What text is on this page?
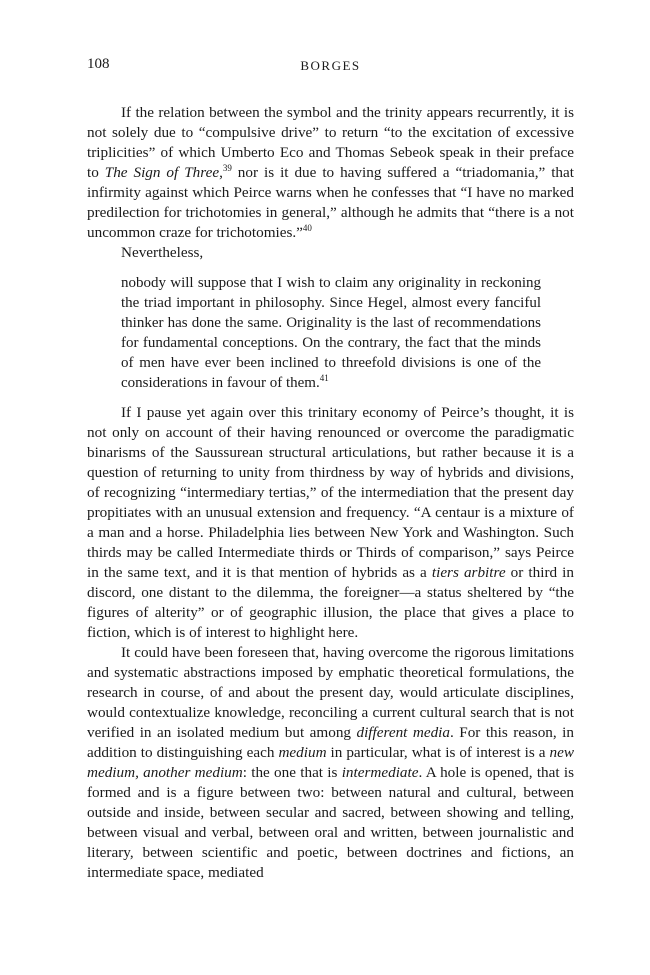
108	BORGES

If the relation between the symbol and the trinity appears recurrently, it is not solely due to “compulsive drive” to return “to the excitation of excessive triplicities” of which Umberto Eco and Thomas Sebeok speak in their preface to The Sign of Three,$^{39}$ nor is it due to having suffered a “triadomania,” that infirmity against which Peirce warns when he confesses that “I have no marked predilection for trichotomies in general,” although he admits that “there is a not uncommon craze for trichotomies.”$^{40}$

Nevertheless,

nobody will suppose that I wish to claim any originality in reckoning the triad important in philosophy. Since Hegel, almost every fanciful thinker has done the same. Originality is the last of recommendations for fundamental conceptions. On the contrary, the fact that the minds of men have ever been inclined to threefold divisions is one of the considerations in favour of them.$^{41}$

If I pause yet again over this trinitary economy of Peirce’s thought, it is not only on account of their having renounced or overcome the paradigmatic binarisms of the Saussurean structural articulations, but rather because it is a question of returning to unity from thirdness by way of hybrids and divisions, of recognizing “intermediary tertias,” of the intermediation that the present day propitiates with an unusual extension and frequency. “A centaur is a mixture of a man and a horse. Philadelphia lies between New York and Washington. Such thirds may be called Intermediate thirds or Thirds of comparison,” says Peirce in the same text, and it is that mention of hybrids as a tiers arbitre or third in discord, one distant to the dilemma, the foreigner—a status sheltered by “the figures of alterity” or of geographic illusion, the place that gives a place to fiction, which is of interest to highlight here.

It could have been foreseen that, having overcome the rigorous limitations and systematic abstractions imposed by emphatic theoretical formulations, the research in course, of and about the present day, would articulate disciplines, would contextualize knowledge, reconciling a current cultural search that is not verified in an isolated medium but among different media. For this reason, in addition to distinguishing each medium in particular, what is of interest is a new medium, another medium: the one that is intermediate. A hole is opened, that is formed and is a figure between two: between natural and cultural, between outside and inside, between secular and sacred, between showing and telling, between visual and verbal, between oral and written, between journalistic and literary, between scientific and poetic, between doctrines and fictions, an intermediate space, mediated
